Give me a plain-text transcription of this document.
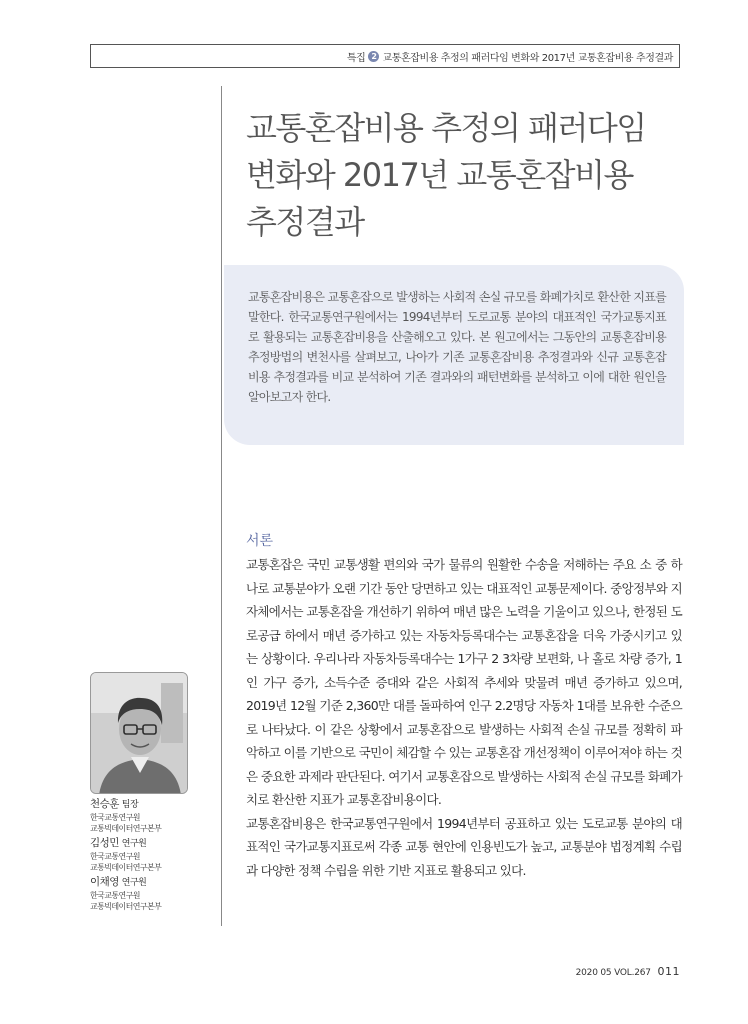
특집 2 교통혼잡비용 추정의 패러다임 변화와 2017년 교통혼잡비용 추정결과
교통혼잡비용 추정의 패러다임
변화와 2017년 교통혼잡비용
추정결과

교통혼잡비용은 교통혼잡으로 발생하는 사회적 손실 규모를 화폐가치로 환산한 지표를 말한다. 한국교통연구원에서는 1994년부터 도로교통 분야의 대표적인 국가교통지표로 활용되는 교통혼잡비용을 산출해오고 있다. 본 원고에서는 그동안의 교통혼잡비용 추정방법의 변천사를 살펴보고, 나아가 기존 교통혼잡비용 추정결과와 신규 교통혼잡비용 추정결과를 비교 분석하여 기존 결과와의 패턴변화를 분석하고 이에 대한 원인을 알아보고자 한다.

서론

교통혼잡은 국민 교통생활 편의와 국가 물류의 원활한 수송을 저해하는 주요 소 중 하나로 교통분야가 오랜 기간 동안 당면하고 있는 대표적인 교통문제이다. 중앙정부와 지자체에서는 교통혼잡을 개선하기 위하여 매년 많은 노력을 기울이고 있으나, 한정된 도로공급 하에서 매년 증가하고 있는 자동차등록대수는 교통혼잡을 더욱 가중시키고 있는 상황이다. 우리나라 자동차등록대수는 1가구 2 3차량 보편화, 나 홀로 차량 증가, 1인 가구 증가, 소득수준 증대와 같은 사회적 추세와 맞물려 매년 증가하고 있으며, 2019년 12월 기준 2,360만 대를 돌파하여 인구 2.2명당 자동차 1대를 보유한 수준으로 나타났다. 이 같은 상황에서 교통혼잡으로 발생하는 사회적 손실 규모를 정확히 파악하고 이를 기반으로 국민이 체감할 수 있는 교통혼잡 개선정책이 이루어져야 하는 것은 중요한 과제라 판단된다. 여기서 교통혼잡으로 발생하는 사회적 손실 규모를 화폐가치로 환산한 지표가 교통혼잡비용이다.

교통혼잡비용은 한국교통연구원에서 1994년부터 공표하고 있는 도로교통 분야의 대표적인 국가교통지표로써 각종 교통 현안에 인용빈도가 높고, 교통분야 법정계획 수립과 다양한 정책 수립을 위한 기반 지표로 활용되고 있다.

천승훈 팀장
한국교통연구원
교통빅데이터연구본부
김성민 연구원
한국교통연구원
교통빅데이터연구본부
이채영 연구원
한국교통연구원
교통빅데이터연구본부
2020 05 VOL.267 011
